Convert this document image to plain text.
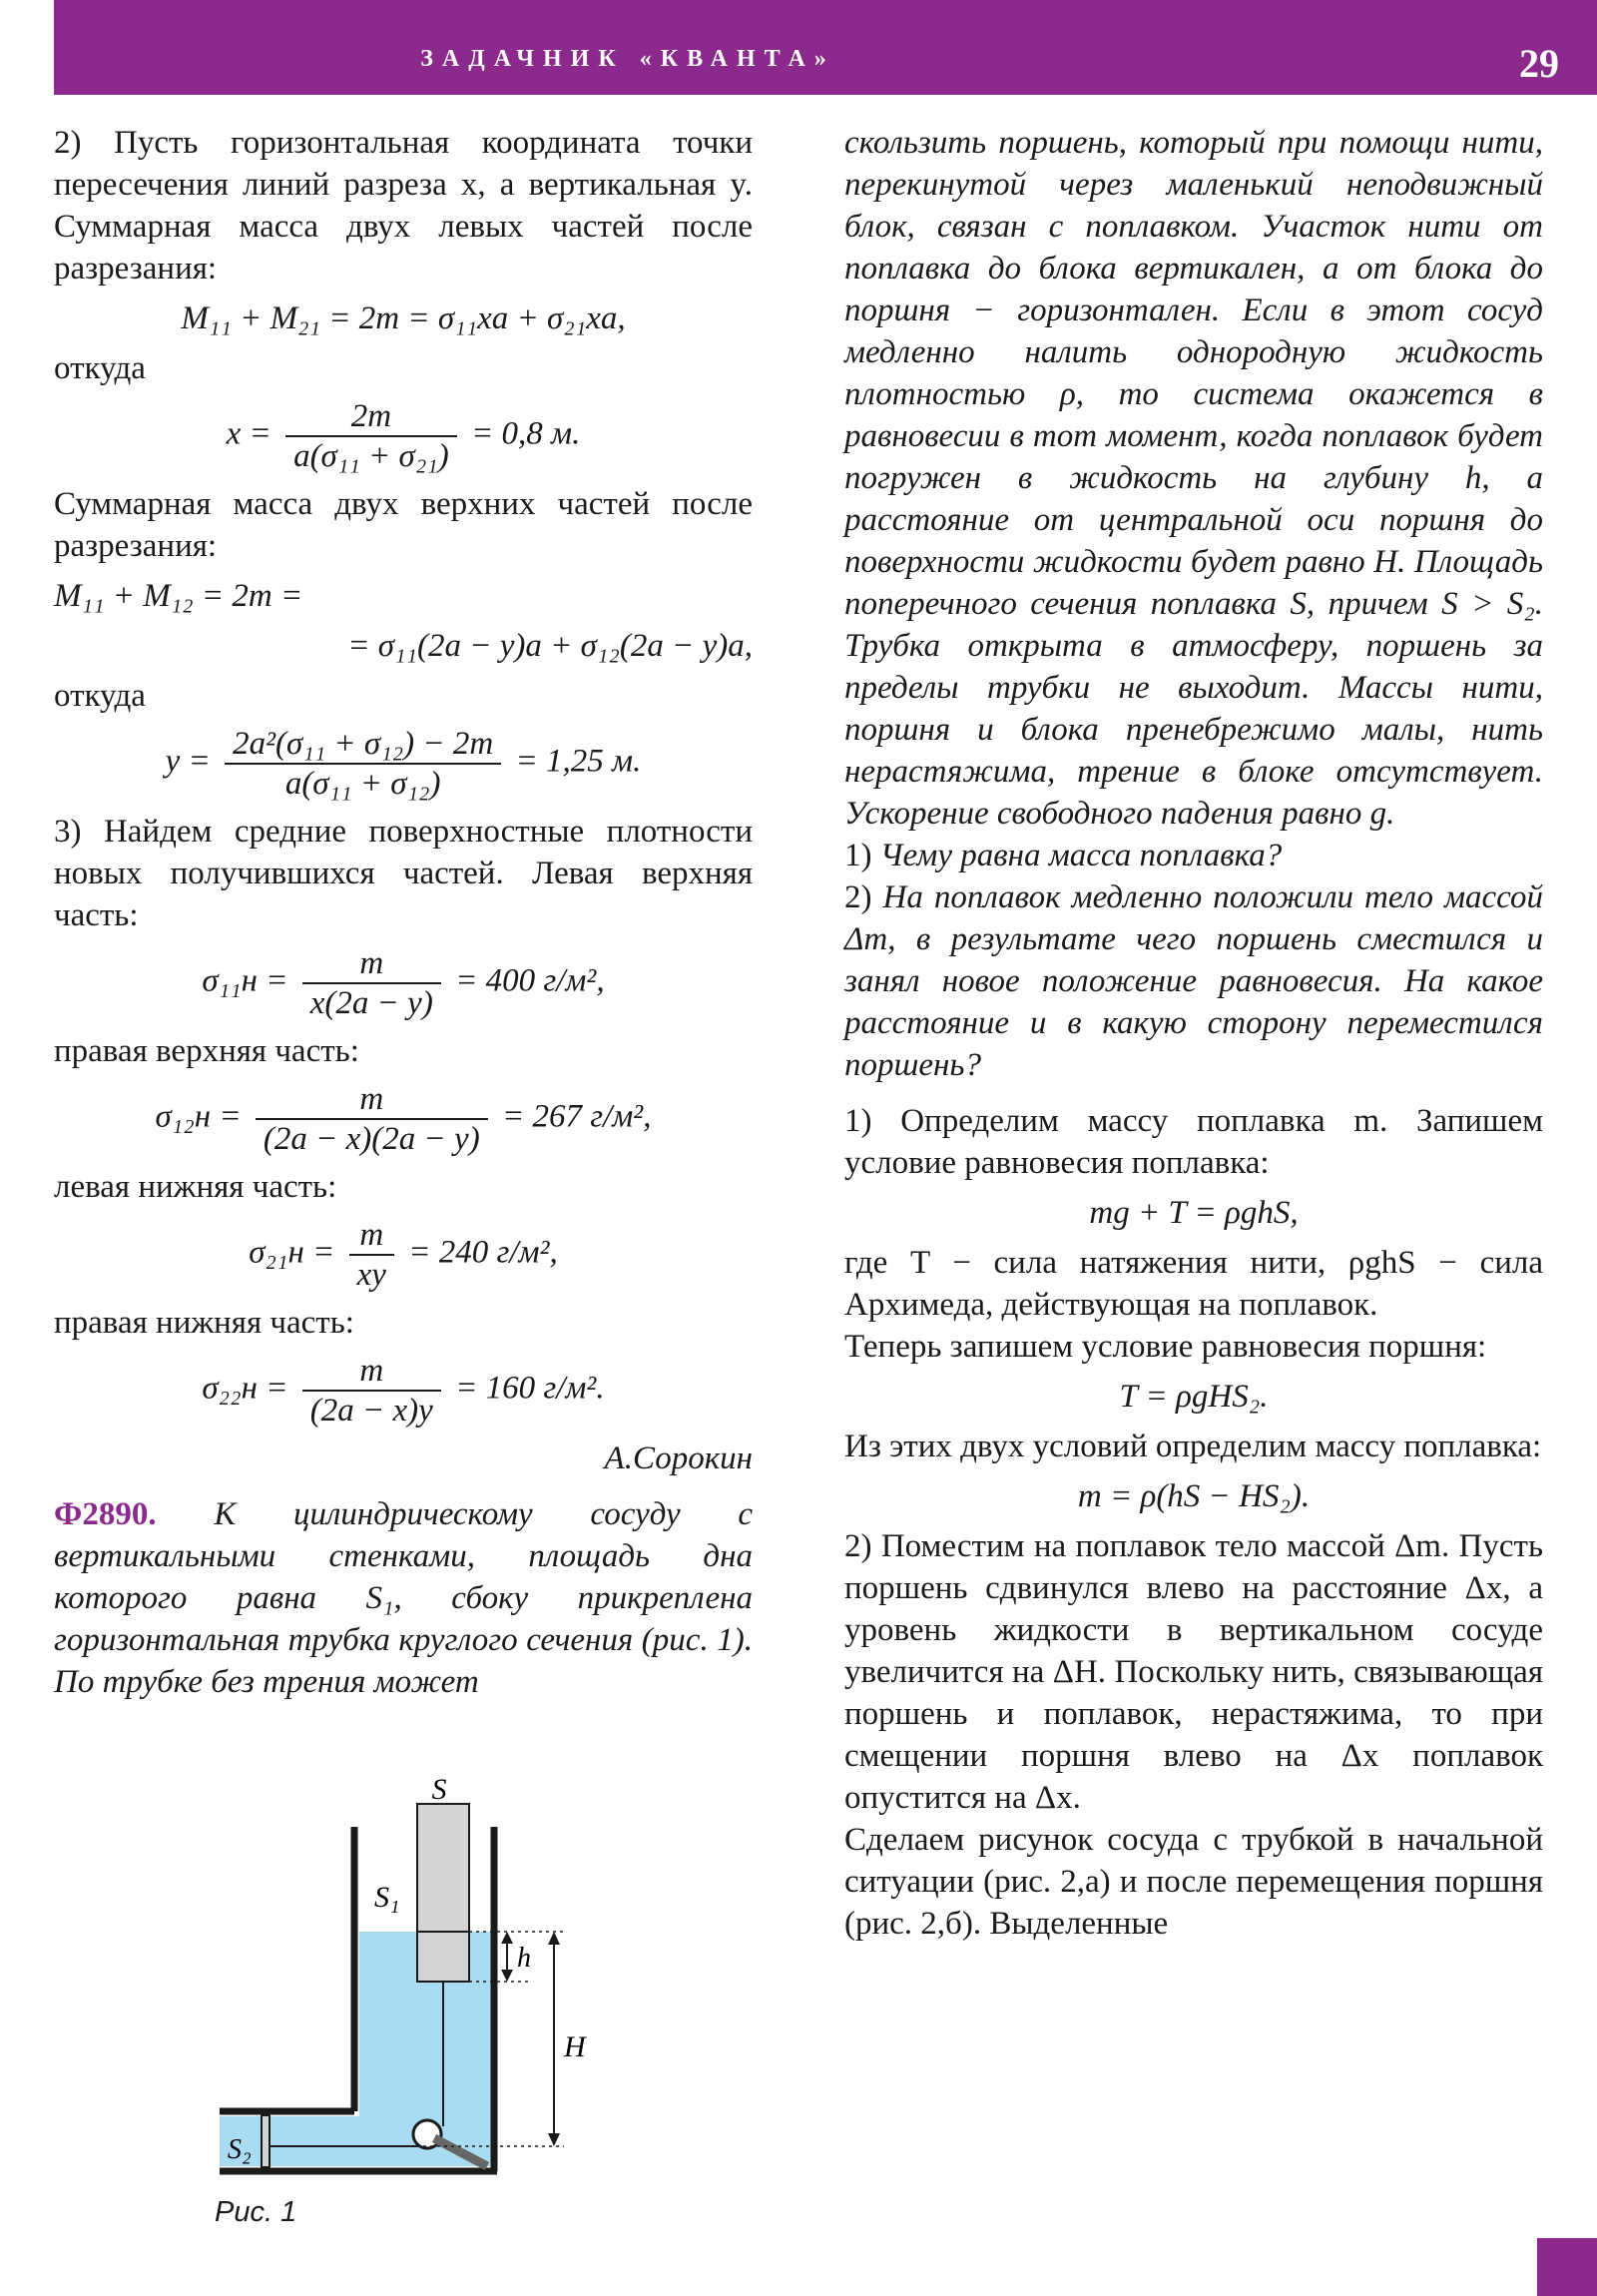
ЗАДАЧНИК «КВАНТА»	29

2) Пусть горизонтальная координата точки пересечения линий разреза x, а вертикальная y. Суммарная масса двух левых частей после разрезания:

M₁₁ + M₂₁ = 2m = σ₁₁xa + σ₂₁xa,

откуда

$x = \frac{2m}{\text{a(σ₁₁ + σ₂₁)}} = 0,8$ м.

Суммарная масса двух верхних частей после разрезания:

M₁₁ + M₁₂ = 2m =
= σ₁₁(2a − y)a + σ₁₂(2a − y)a,

откуда

$y = \frac{\text{2a²(σ₁₁ + σ₁₂) − 2m}}{\text{a(σ₁₁ + σ₁₂)}} = 1,25$ м.

3) Найдем средние поверхностные плотности новых получившихся частей. Левая верхняя часть:

$\sigma_{11}н = \frac{m}{x(2a - y)} = 400$ г/м²,

правая верхняя часть:

$\sigma_{12}н = \frac{m}{(2a - x)(2a - y)} = 267$ г/м²,

левая нижняя часть:

$\sigma_{21}н = \frac{m}{xy} = 240$ г/м²,

правая нижняя часть:

$\sigma_{22}н = \frac{m}{(2a - x)y} = 160$ г/м².
А.Сорокин

Ф2890. К цилиндрическому сосуду с вертикальными стенками, площадь дна которого равна S₁, сбоку прикреплена горизонтальная трубка круглого сечения (рис. 1). По трубке без трения может

S
S₁
h
H
S₂
Рис. 1

скользить поршень, который при помощи нити, перекинутой через маленький неподвижный блок, связан с поплавком. Участок нити от поплавка до блока вертикален, а от блока до поршня − горизонтален. Если в этот сосуд медленно налить однородную жидкость плотностью ρ, то система окажется в равновесии в тот момент, когда поплавок будет погружен в жидкость на глубину h, а расстояние от центральной оси поршня до поверхности жидкости будет равно H. Площадь поперечного сечения поплавка S, причем S > S₂. Трубка открыта в атмосферу, поршень за пределы трубки не выходит. Массы нити, поршня и блока пренебрежимо малы, нить нерастяжима, трение в блоке отсутствует. Ускорение свободного падения равно g.

1) Чему равна масса поплавка?

2) На поплавок медленно положили тело массой Δm, в результате чего поршень сместился и занял новое положение равновесия. На какое расстояние и в какую сторону переместился поршень?

1) Определим массу поплавка m. Запишем условие равновесия поплавка:

mg + T = ρghS,

где T − сила натяжения нити, ρghS − сила Архимеда, действующая на поплавок.

Теперь запишем условие равновесия поршня:

T = ρgHS₂.

Из этих двух условий определим массу поплавка:

m = ρ(hS − HS₂).

2) Поместим на поплавок тело массой Δm. Пусть поршень сдвинулся влево на расстояние Δx, а уровень жидкости в вертикальном сосуде увеличится на ΔH. Поскольку нить, связывающая поршень и поплавок, нерастяжима, то при смещении поршня влево на Δx поплавок опустится на Δx.

Сделаем рисунок сосуда с трубкой в начальной ситуации (рис. 2,а) и после перемещения поршня (рис. 2,б). Выделенные
